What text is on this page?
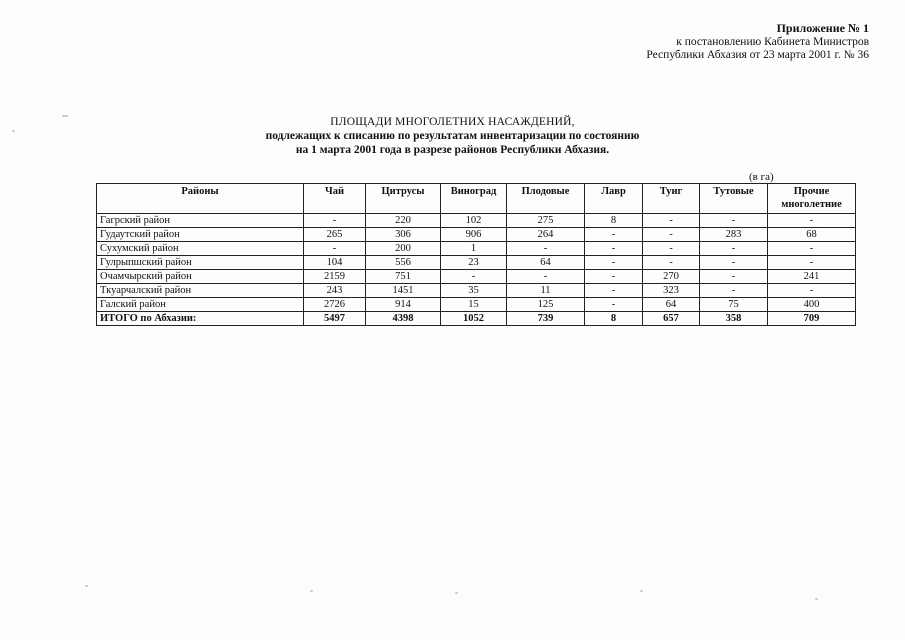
Приложение № 1
к постановлению Кабинета Министров
Республики Абхазия от 23 марта 2001 г. № 36
ПЛОЩАДИ МНОГОЛЕТНИХ НАСАЖДЕНИЙ,
подлежащих к списанию по результатам инвентаризации по состоянию
на 1 марта 2001 года в разрезе районов Республики Абхазия.
(в га)
Районы	Чай	Цитрусы	Виноград	Плодовые	Лавр	Туиг	Тутовые	Прочие многолетние
Гагрский район	-	220	102	275	8	-	-	-
Гудаутский район	265	306	906	264	-	-	283	68
Сухумский район	-	200	1	-	-	-	-	-
Гулрыпшский район	104	556	23	64	-	-	-	-
Очамчырский район	2159	751	-	-	-	270	-	241
Ткуарчалский район	243	1451	35	11	-	323	-	-
Галский район	2726	914	15	125	-	64	75	400
ИТОГО по Абхазии:	5497	4398	1052	739	8	657	358	709
